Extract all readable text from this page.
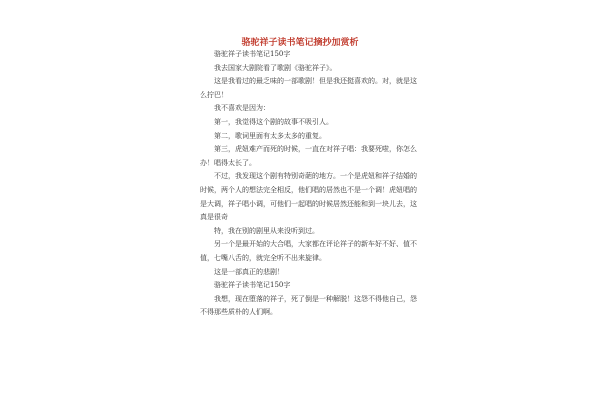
骆驼祥子读书笔记摘抄加赏析

骆驼祥子读书笔记150字

我去国家大剧院看了歌剧《骆驼祥子》。

这是我看过的最乏味的一部歌剧！但是我还挺喜欢的。对，就是这么拧巴！

我不喜欢是因为：

第一，我觉得这个剧的故事不吸引人。

第二，歌词里面有太多太多的重复。

第三，虎妞难产而死的时候，一直在对祥子唱：我要死啦，你怎么办！唱得太长了。

不过，我发现这个剧有特别奇葩的地方。一个是虎妞和祥子结婚的时候，两个人的想法完全相反，他们唱的居然也不是一个调！虎妞唱的是大调，祥子唱小调，可他们一起唱的时候居然还能和到一块儿去，这真是很奇

特，我在别的剧里从来没听到过。

另一个是最开始的大合唱，大家都在评论祥子的新车好不好、值不值，七嘴八舌的，就完全听不出来旋律。

这是一部真正的悲剧！

骆驼祥子读书笔记150字

我想，现在堕落的祥子，死了倒是一种解脱！这怨不得他自己，怨不得那些质朴的人们啊。
